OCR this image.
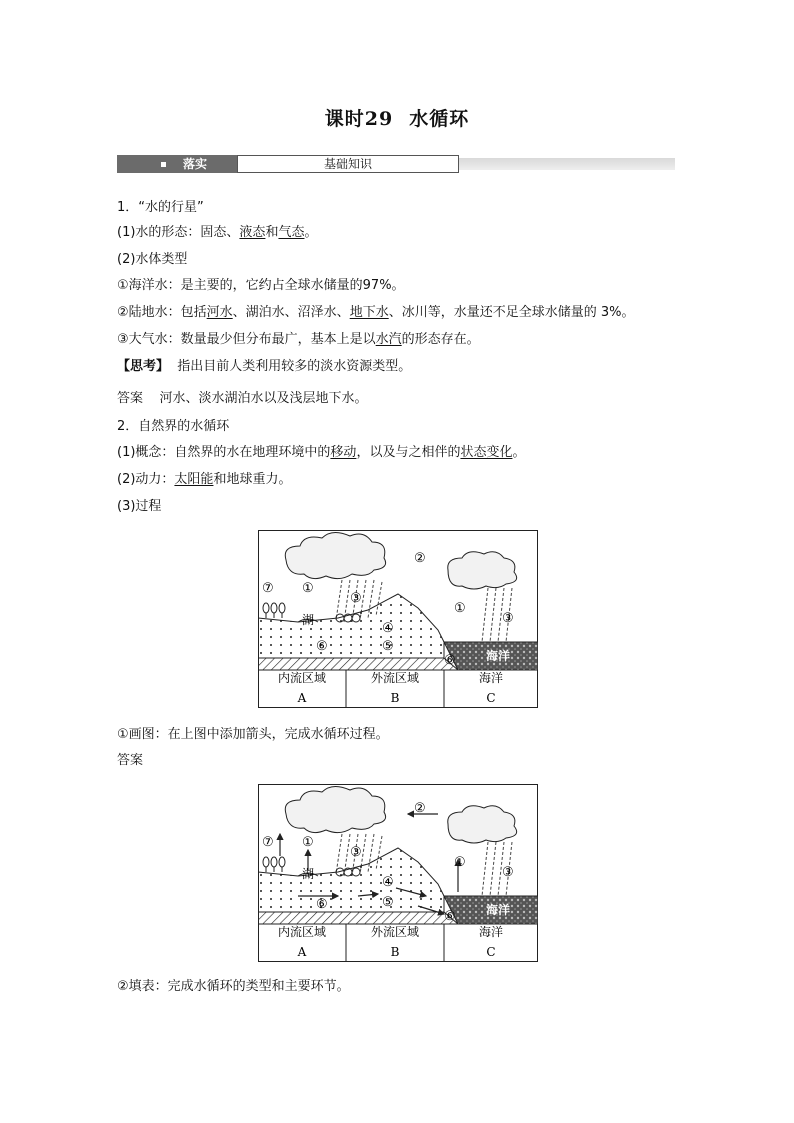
课时29 水循环
落实	基础知识
1．“水的行星”
(1)水的形态：固态、液态和气态。
(2)水体类型
①海洋水：是主要的，它约占全球水储量的97%。
②陆地水：包括河水、湖泊水、沼泽水、地下水、冰川等，水量还不足全球水储量的 3%。
③大气水：数量最少但分布最广，基本上是以水汽的形态存在。
【思考】 指出目前人类利用较多的淡水资源类型。
答案 河水、淡水湖泊水以及浅层地下水。
2．自然界的水循环
(1)概念：自然界的水在地理环境中的移动，以及与之相伴的状态变化。
(2)动力：太阳能和地球重力。
(3)过程
内流区域	外流区域	海洋
A	B	C
⑦ ①
湖
③
②
①
③
④
⑤
⑥
⑥	海洋
①画图：在上图中添加箭头，完成水循环过程。
答案
内流区域	外流区域	海洋
A	B	C
⑦ ①
湖
③
②
①
③
④
⑤
⑥
⑥	海洋
②填表：完成水循环的类型和主要环节。
